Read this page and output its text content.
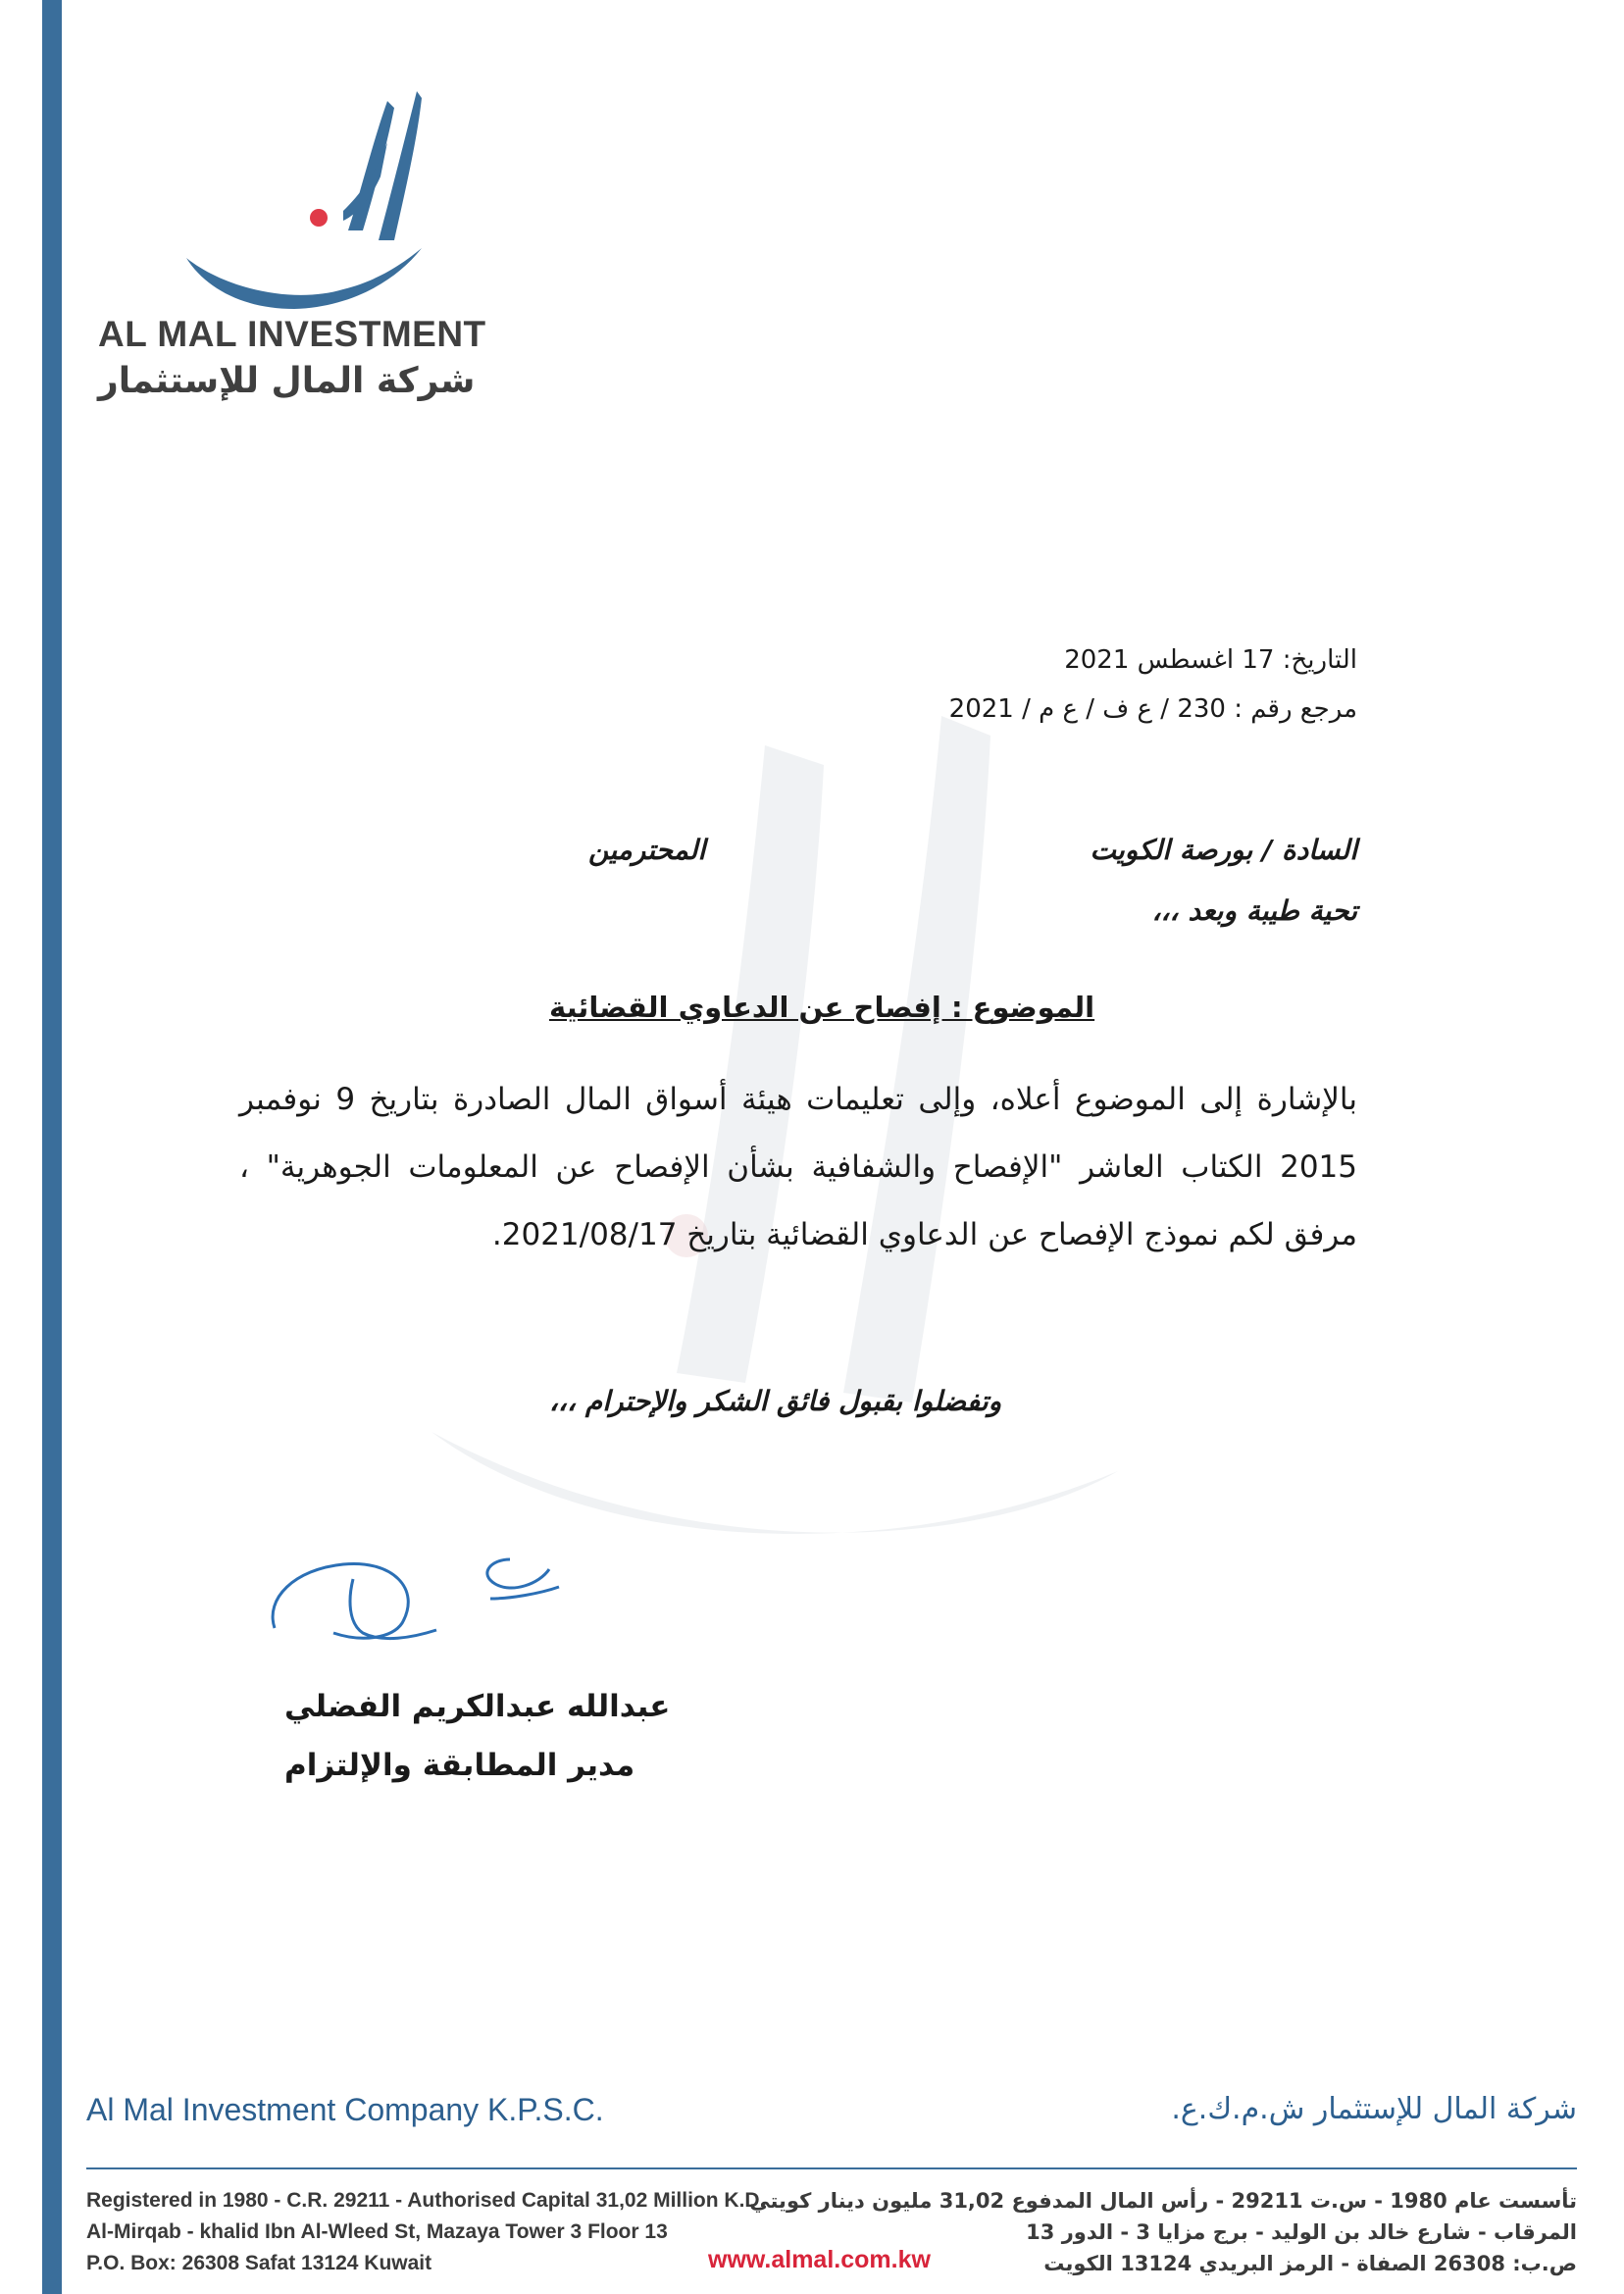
AL MAL INVESTMENT
شركة المال للإستثمار
التاريخ: 17 اغسطس 2021
مرجع رقم : 230 / ع ف / ع م / 2021
السادة / بورصة الكويت
المحترمين
تحية طيبة وبعد ،،،
الموضوع : إفصاح عن الدعاوي القضائية
بالإشارة إلى الموضوع أعلاه، وإلى تعليمات هيئة أسواق المال الصادرة بتاريخ 9 نوفمبر
2015 الكتاب العاشر "الإفصاح والشفافية بشأن الإفصاح عن المعلومات الجوهرية" ،
مرفق لكم نموذج الإفصاح عن الدعاوي القضائية بتاريخ 2021/08/17.
وتفضلوا بقبول فائق الشكر والإحترام ،،،
عبدالله عبدالكريم الفضلي
مدير المطابقة والإلتزام
Al Mal Investment Company K.P.S.C.	شركة المال للإستثمار ش.م.ك.ع.
Registered in 1980 - C.R. 29211 - Authorised Capital 31,02 Million K.D.
Al-Mirqab - khalid Ibn Al-Wleed St, Mazaya Tower 3 Floor 13
P.O. Box: 26308 Safat 13124 Kuwait
تأسست عام 1980 - س.ت 29211 - رأس المال المدفوع 31,02 مليون دينار كويتي
المرقاب - شارع خالد بن الوليد - برج مزايا 3 - الدور 13
ص.ب: 26308 الصفاة - الرمز البريدي 13124 الكويت
www.almal.com.kw
